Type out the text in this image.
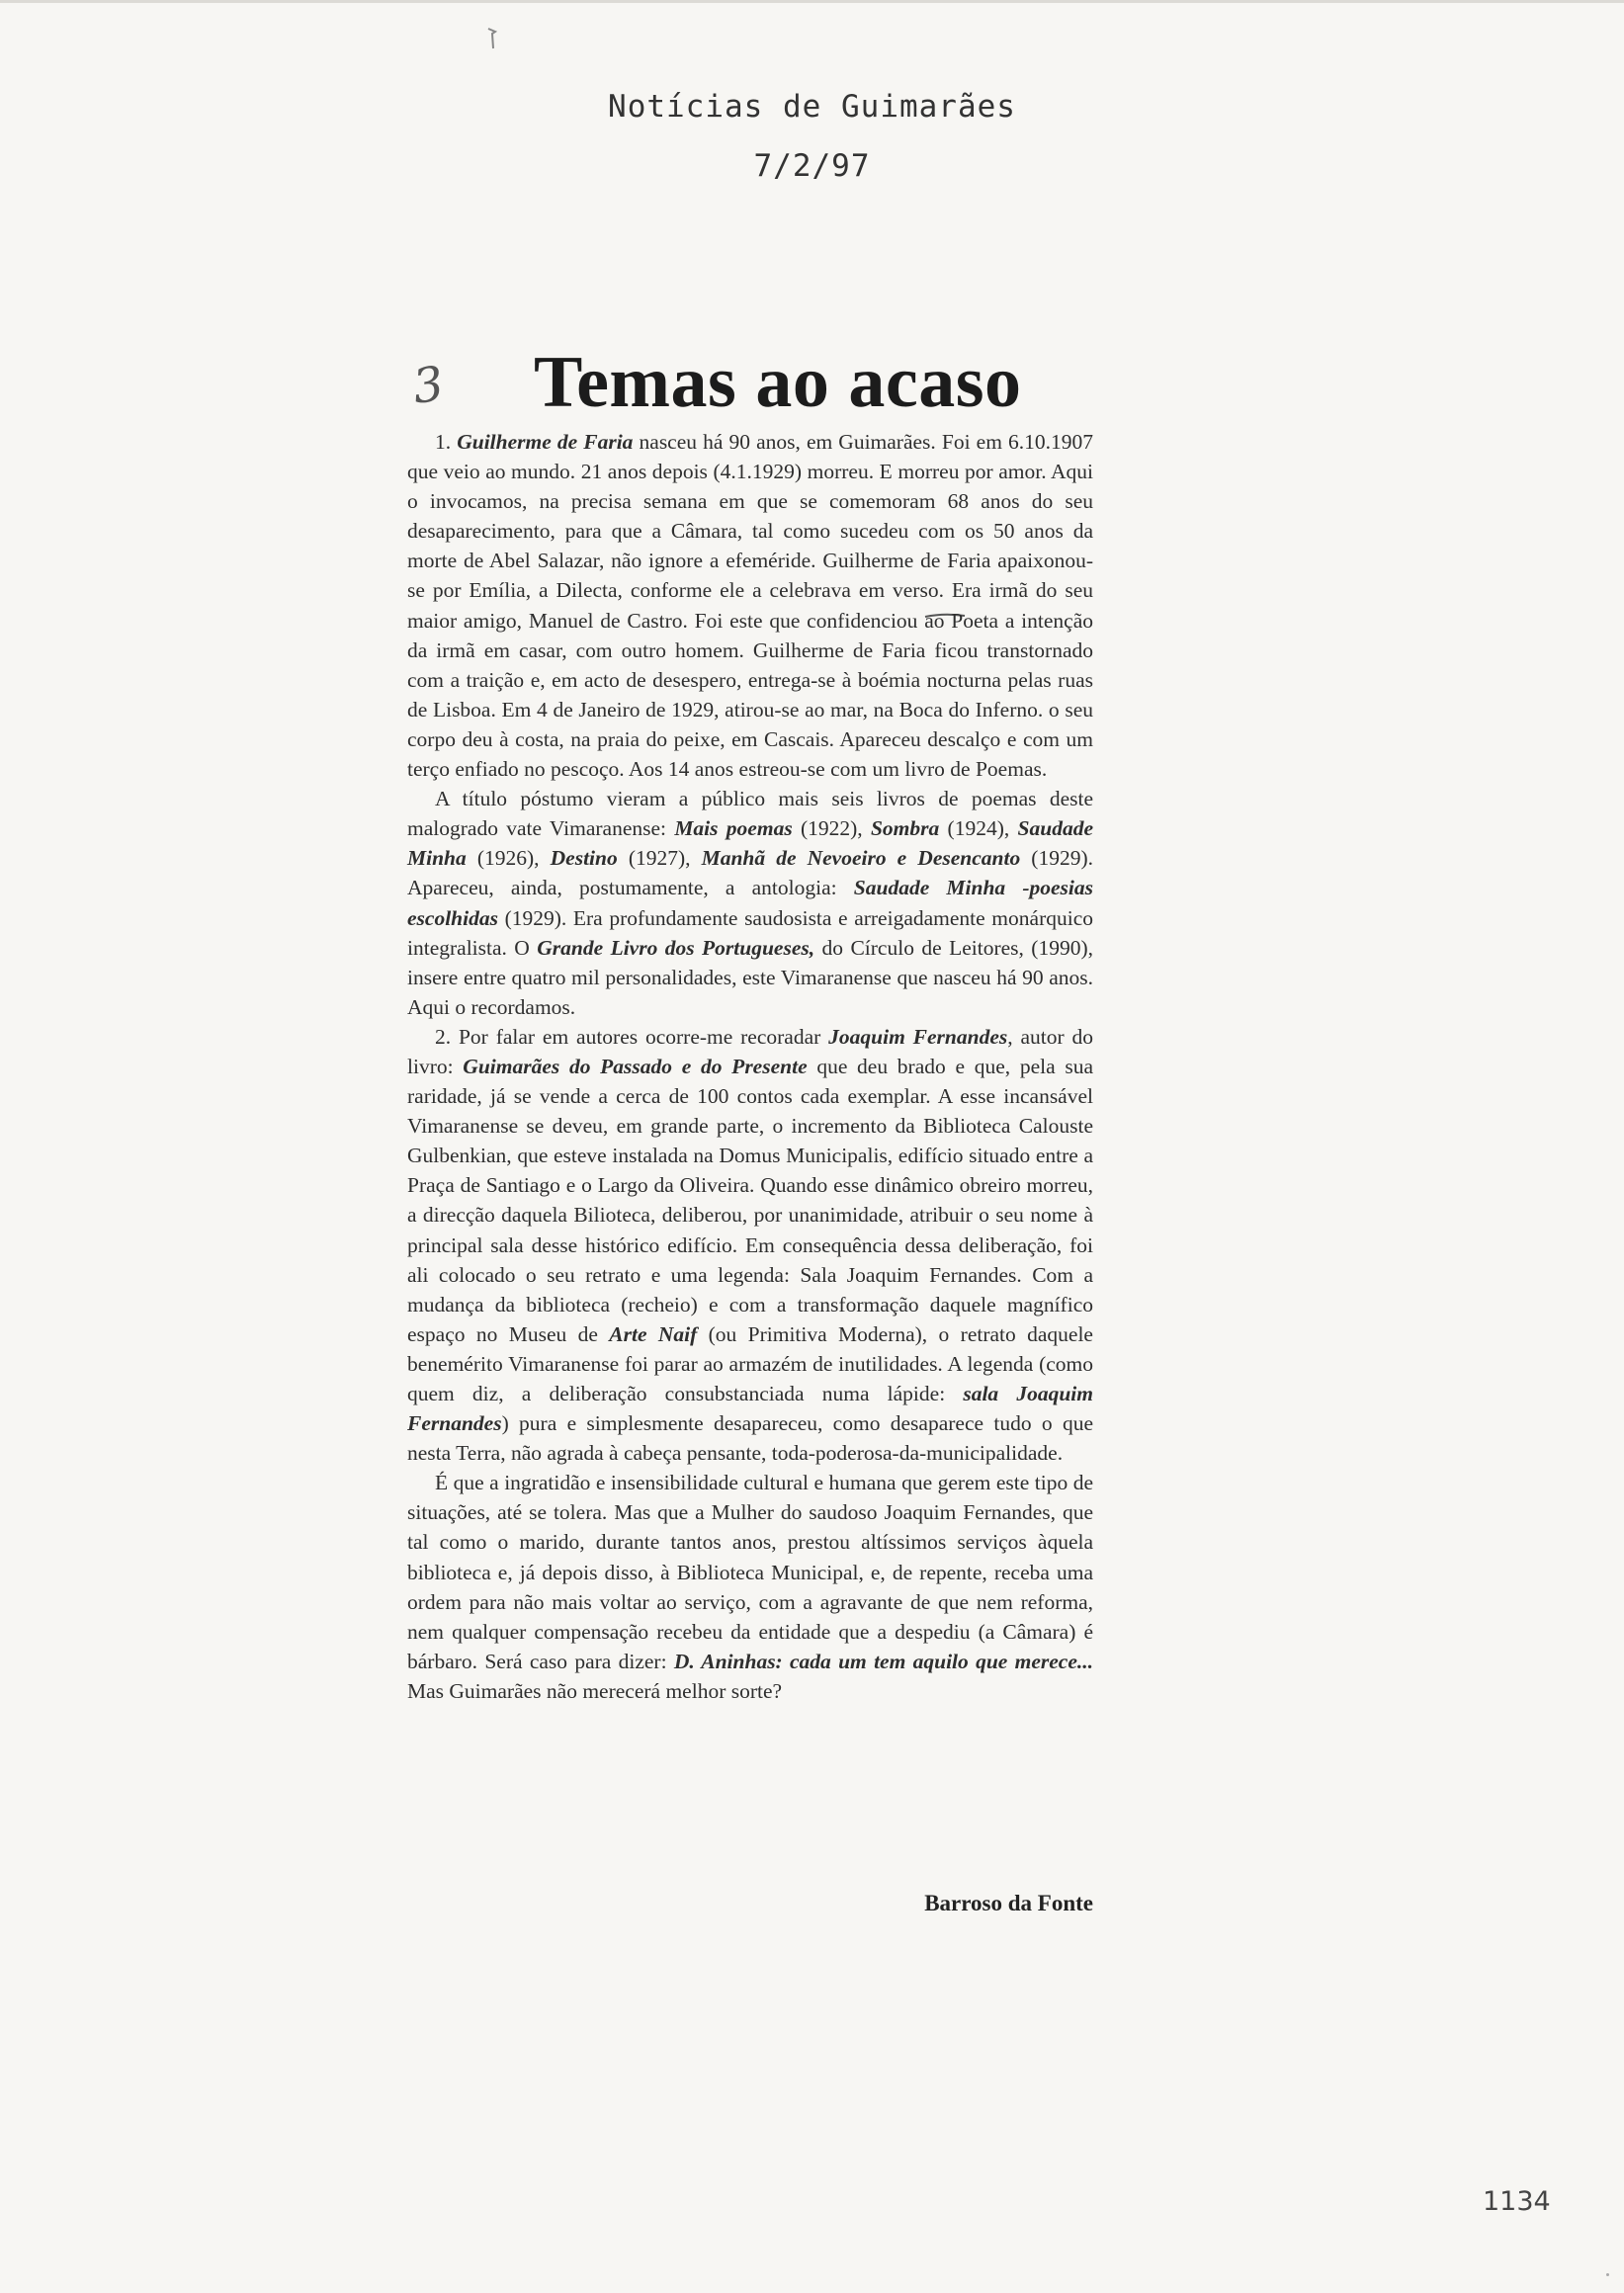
Notícias de Guimarães
7/2/97
3 Temas ao acaso

1. Guilherme de Faria nasceu há 90 anos, em Guimarães. Foi em 6.10.1907 que veio ao mundo. 21 anos depois (4.1.1929) morreu. E morreu por amor. Aqui o invocamos, na precisa semana em que se comemoram 68 anos do seu desaparecimento, para que a Câmara, tal como sucedeu com os 50 anos da morte de Abel Salazar, não ignore a efeméride. Guilherme de Faria apaixonou-se por Emília, a Dilecta, conforme ele a celebrava em verso. Era irmã do seu maior amigo, Manuel de Castro. Foi este que confidenciou ao Poeta a intenção da irmã em casar, com outro homem. Guilherme de Faria ficou transtornado com a traição e, em acto de desespero, entrega-se à boémia nocturna pelas ruas de Lisboa. Em 4 de Janeiro de 1929, atirou-se ao mar, na Boca do Inferno. o seu corpo deu à costa, na praia do peixe, em Cascais. Apareceu descalço e com um terço enfiado no pescoço. Aos 14 anos estreou-se com um livro de Poemas.

A título póstumo vieram a público mais seis livros de poemas deste malogrado vate Vimaranense: Mais poemas (1922), Sombra (1924), Saudade Minha (1926), Destino (1927), Manhã de Nevoeiro e Desencanto (1929). Apareceu, ainda, postumamente, a antologia: Saudade Minha -poesias escolhidas (1929). Era profundamente saudosista e arreigadamente monárquico integralista. O Grande Livro dos Portugueses, do Círculo de Leitores, (1990), insere entre quatro mil personalidades, este Vimaranense que nasceu há 90 anos. Aqui o recordamos.

2. Por falar em autores ocorre-me recoradar Joaquim Fernandes, autor do livro: Guimarães do Passado e do Presente que deu brado e que, pela sua raridade, já se vende a cerca de 100 contos cada exemplar. A esse incansável Vimaranense se deveu, em grande parte, o incremento da Biblioteca Calouste Gulbenkian, que esteve instalada na Domus Municipalis, edifício situado entre a Praça de Santiago e o Largo da Oliveira. Quando esse dinâmico obreiro morreu, a direcção daquela Bilioteca, deliberou, por unanimidade, atribuir o seu nome à principal sala desse histórico edifício. Em consequência dessa deliberação, foi ali colocado o seu retrato e uma legenda: Sala Joaquim Fernandes. Com a mudança da biblioteca (recheio) e com a transformação daquele magnífico espaço no Museu de Arte Naif (ou Primitiva Moderna), o retrato daquele benemérito Vimaranense foi parar ao armazém de inutilidades. A legenda (como quem diz, a deliberação consubstanciada numa lápide: sala Joaquim Fernandes) pura e simplesmente desapareceu, como desaparece tudo o que nesta Terra, não agrada à cabeça pensante, toda-poderosa-da-municipalidade.

É que a ingratidão e insensibilidade cultural e humana que gerem este tipo de situações, até se tolera. Mas que a Mulher do saudoso Joaquim Fernandes, que tal como o marido, durante tantos anos, prestou altíssimos serviços àquela biblioteca e, já depois disso, à Biblioteca Municipal, e, de repente, receba uma ordem para não mais voltar ao serviço, com a agravante de que nem reforma, nem qualquer compensação recebeu da entidade que a despediu (a Câmara) é bárbaro. Será caso para dizer: D. Aninhas: cada um tem aquilo que merece... Mas Guimarães não merecerá melhor sorte?

Barroso da Fonte
1134
